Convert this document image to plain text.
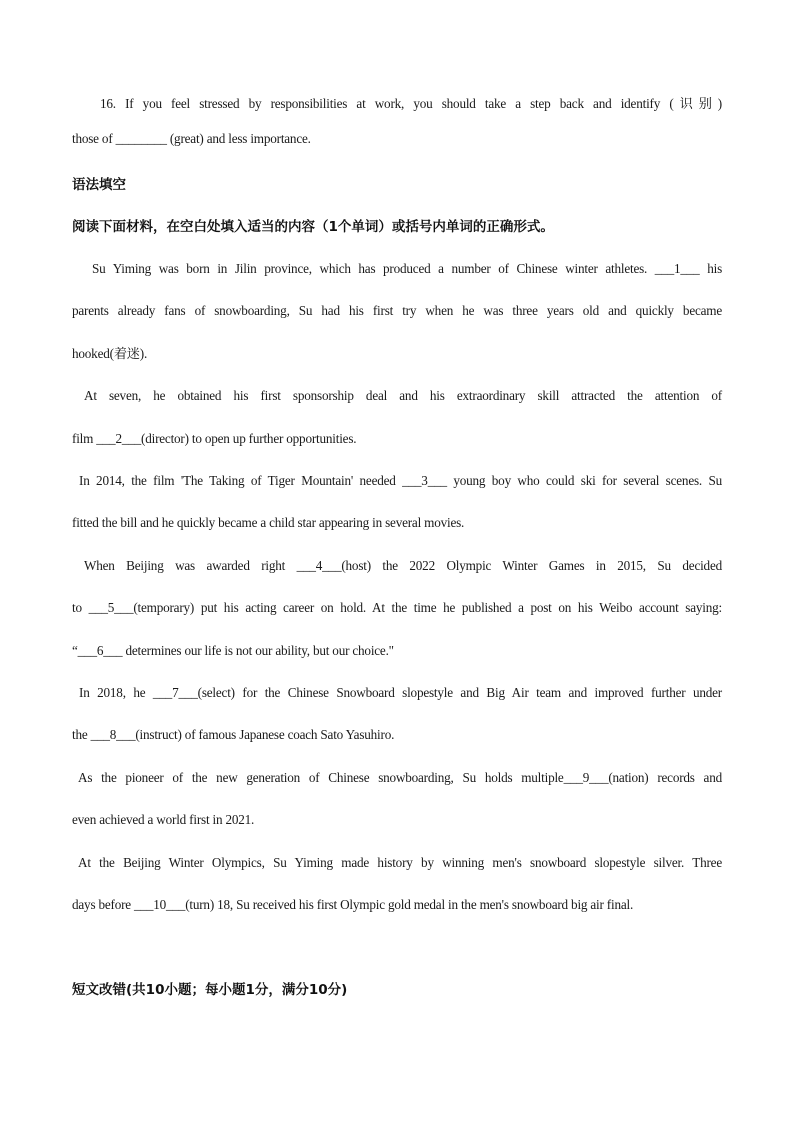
16. If you feel stressed by responsibilities at work, you should take a step back and identify (识别)
those of ________ (great) and less importance.
语法填空
阅读下面材料，在空白处填入适当的内容（1个单词）或括号内单词的正确形式。
Su Yiming was born in Jilin province, which has produced a number of Chinese winter athletes. ___1___ his
parents already fans of snowboarding, Su had his first try when he was three years old and quickly became
hooked(着迷).
At seven, he obtained his first sponsorship deal and his extraordinary skill attracted the attention of
film ___2___(director) to open up further opportunities.
In 2014, the film 'The Taking of Tiger Mountain' needed ___3___ young boy who could ski for several scenes. Su
fitted the bill and he quickly became a child star appearing in several movies.
When Beijing was awarded right ___4___(host) the 2022 Olympic Winter Games in 2015, Su decided
to ___5___(temporary) put his acting career on hold. At the time he published a post on his Weibo account saying:
“___6___ determines our life is not our ability, but our choice."
In 2018, he ___7___(select) for the Chinese Snowboard slopestyle and Big Air team and improved further under
the ___8___(instruct) of famous Japanese coach Sato Yasuhiro.
As the pioneer of the new generation of Chinese snowboarding, Su holds multiple___9___(nation) records and
even achieved a world first in 2021.
At the Beijing Winter Olympics, Su Yiming made history by winning men's snowboard slopestyle silver. Three
days before ___10___(turn) 18, Su received his first Olympic gold medal in the men's snowboard big air final.
短文改错(共10小题；每小题1分，满分10分)
